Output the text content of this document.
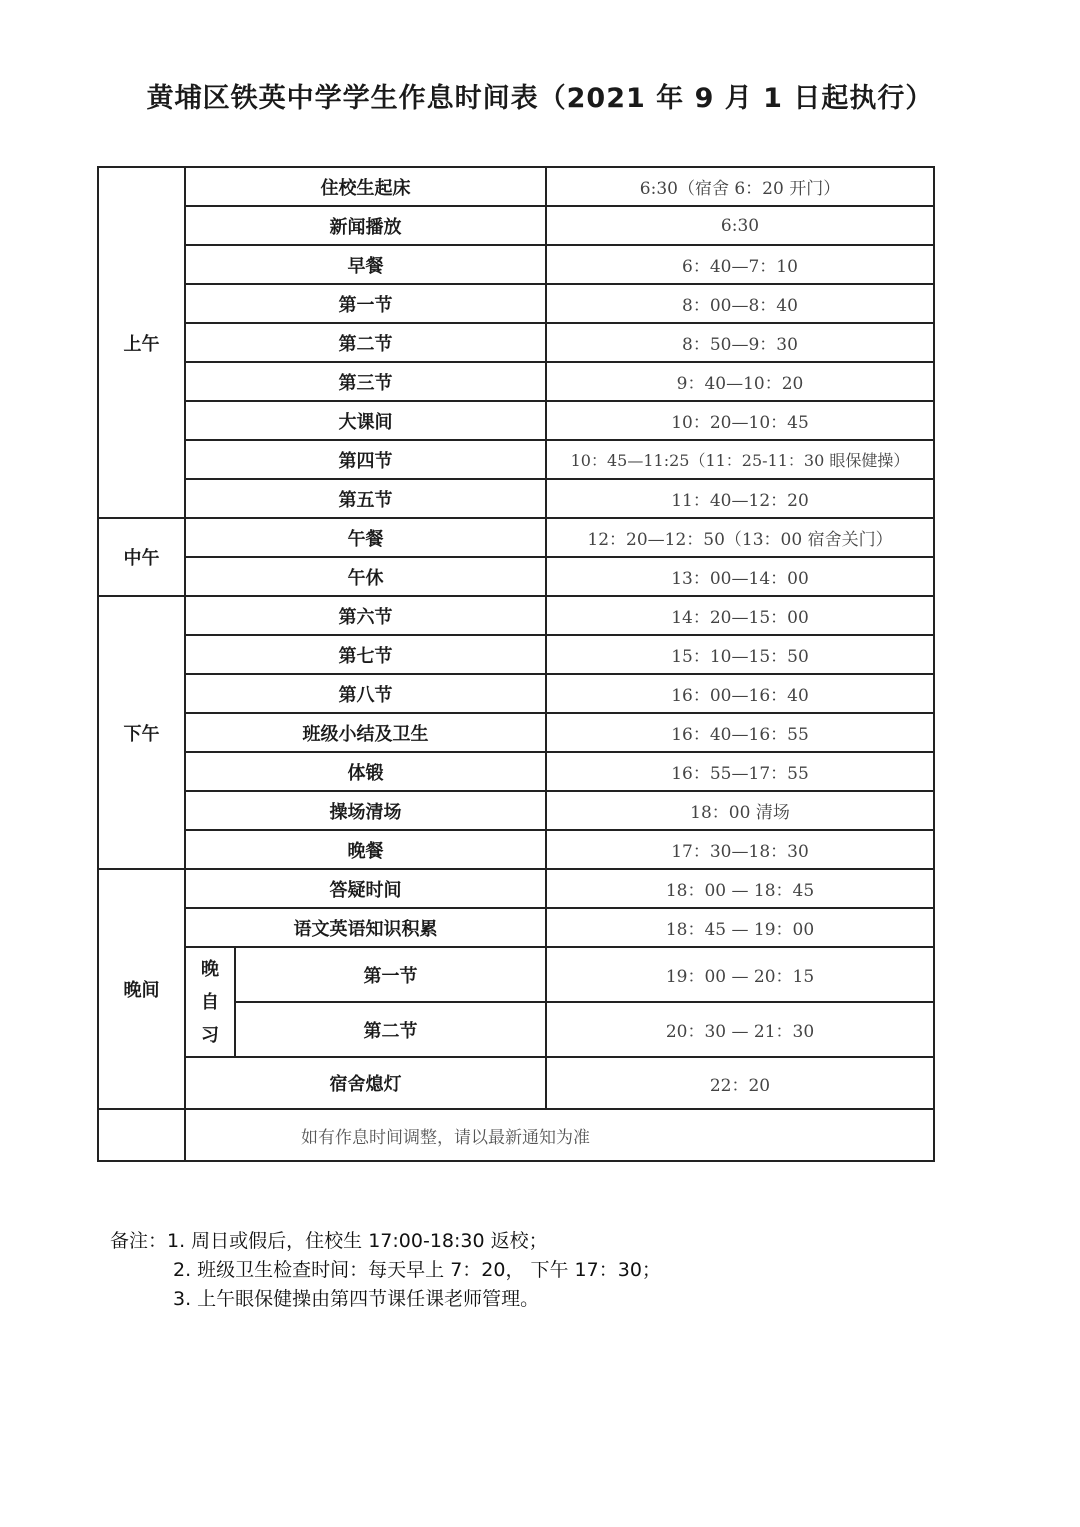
黄埔区铁英中学学生作息时间表（2021 年 9 月 1 日起执行）
上午	住校生起床		6:30（宿舍 6：20 开门）
	新闻播放		6:30
	早餐		6：40—7：10
	第一节		8：00—8：40
	第二节		8：50—9：30
	第三节		9：40—10：20
	大课间		10：20—10：45
	第四节		10：45—11:25（11：25-11：30 眼保健操）
	第五节		11：40—12：20
中午	午餐		12：20—12：50（13：00 宿舍关门）
	午休		13：00—14：00
下午	第六节		14：20—15：00
	第七节		15：10—15：50
	第八节		16：00—16：40
	班级小结及卫生		16：40—16：55
	体锻		16：55—17：55
	操场清场		18：00 清场
	晚餐		17：30—18：30
晚间	答疑时间		18：00 — 18：45
	语文英语知识积累		18：45 — 19：00

	晚自习	第一节	19：00 — 20：15
		第二节	20：30 — 21：30
	宿舍熄灯		22：20
	如有作息时间调整，请以最新通知为准		
备注：1. 周日或假后，住校生 17:00-18:30 返校；
2. 班级卫生检查时间：每天早上 7：20， 下午 17：30；
3. 上午眼保健操由第四节课任课老师管理。
